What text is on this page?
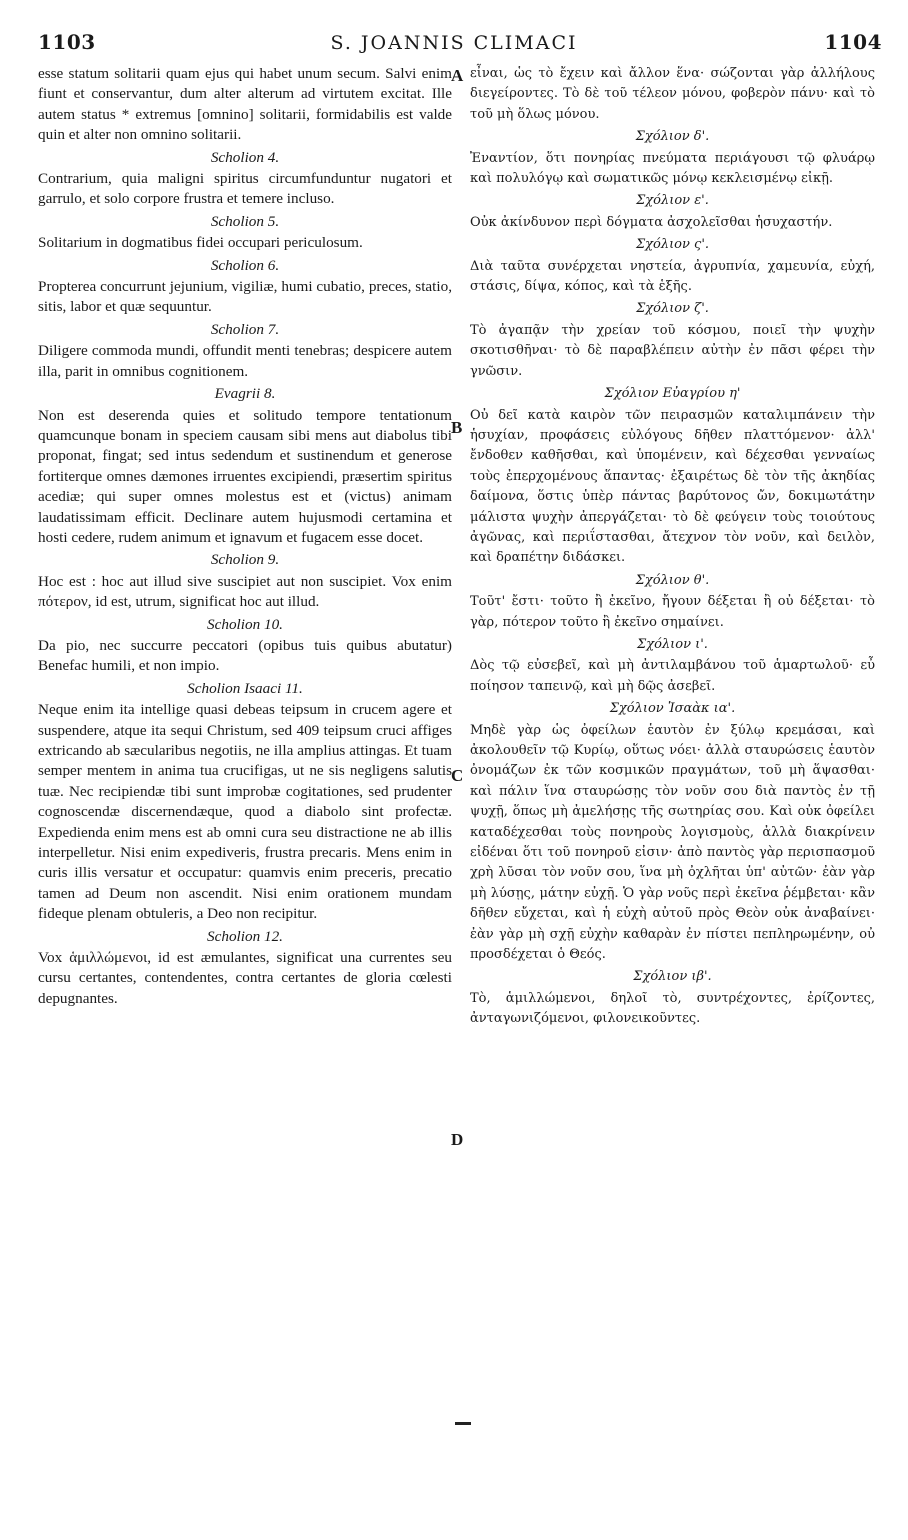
1103	S. JOANNIS CLIMACI	1104

esse statum solitarii quam ejus qui habet unum secum. Salvi enim fiunt et conservantur, dum alter alterum ad virtutem excitat. Ille autem status * extremus [omnino] solitarii, formidabilis est valde quin et alter non omnino solitarii.

Scholion 4.

Contrarium, quia maligni spiritus circumfunduntur nugatori et garrulo, et solo corpore frustra et temere incluso.

Scholion 5.

Solitarium in dogmatibus fidei occupari periculosum.

Scholion 6.

Propterea concurrunt jejunium, vigiliæ, humi cubatio, preces, statio, sitis, labor et quæ sequuntur.

Scholion 7.

Diligere commoda mundi, offundit menti tenebras; despicere autem illa, parit in omnibus cognitionem.

Evagrii 8.

Non est deserenda quies et solitudo tempore tentationum quamcunque bonam in speciem causam sibi mens aut diabolus tibi proponat, fingat; sed intus sedendum et sustinendum et generose fortiterque omnes dæmones irruentes excipiendi, præsertim spiritus acediæ; qui super omnes molestus est et (victus) animam laudatissimam efficit. Declinare autem hujusmodi certamina et hosti cedere, rudem animum et ignavum et fugacem esse docet.

Scholion 9.

Hoc est : hoc aut illud sive suscipiet aut non suscipiet. Vox enim πότερον, id est, utrum, significat hoc aut illud.

Scholion 10.

Da pio, nec succurre peccatori (opibus tuis quibus abutatur) Benefac humili, et non impio.

Scholion Isaaci 11.

Neque enim ita intellige quasi debeas teipsum in crucem agere et suspendere, atque ita sequi Christum, sed 409 teipsum cruci affiges extricando ab sæcularibus negotiis, ne illa amplius attingas. Et tuam semper mentem in anima tua crucifigas, ut ne sis negligens salutis tuæ. Nec recipiendæ tibi sunt improbæ cogitationes, sed prudenter cognoscendæ discernendæque, quod a diabolo sint profectæ. Expedienda enim mens est ab omni cura seu distractione ne ab illis interpelletur. Nisi enim expediveris, frustra precaris. Mens enim in curis illis versatur et occupatur: quamvis enim preceris, precatio tamen ad Deum non ascendit. Nisi enim orationem mundam fideque plenam obtuleris, a Deo non recipitur.

Scholion 12.

Vox ἁμιλλώμενοι, id est æmulantes, significat una currentes seu cursu certantes, contendentes, contra certantes de gloria cœlesti depugnantes.

εἶναι, ὡς τὸ ἔχειν καὶ ἄλλον ἕνα· σώζονται γὰρ ἀλλήλους διεγείροντες. Τὸ δὲ τοῦ τέλεον μόνου, φοβερὸν πάνυ· καὶ τὸ τοῦ μὴ ὅλως μόνου.

Σχόλιον δ'.

Ἐναντίον, ὅτι πονηρίας πνεύματα περιάγουσι τῷ φλυάρῳ καὶ πολυλόγῳ καὶ σωματικῶς μόνῳ κεκλεισμένῳ εἰκῇ.

Σχόλιον ε'.

Οὐκ ἀκίνδυνον περὶ δόγματα ἀσχολεῖσθαι ἡσυχαστήν.

Σχόλιον ς'.

Διὰ ταῦτα συνέρχεται νηστεία, ἀγρυπνία, χαμευνία, εὐχή, στάσις, δίψα, κόπος, καὶ τὰ ἑξῆς.

Σχόλιον ζ'.

Τὸ ἀγαπᾷν τὴν χρείαν τοῦ κόσμου, ποιεῖ τὴν ψυχὴν σκοτισθῆναι· τὸ δὲ παραβλέπειν αὐτὴν ἐν πᾶσι φέρει τὴν γνῶσιν.

Σχόλιον Εὐαγρίου η'

Οὐ δεῖ κατὰ καιρὸν τῶν πειρασμῶν καταλιμπάνειν τὴν ἡσυχίαν, προφάσεις εὐλόγους δῆθεν πλαττόμενον· ἀλλ' ἔνδοθεν καθῆσθαι, καὶ ὑπομένειν, καὶ δέχεσθαι γενναίως τοὺς ἐπερχομένους ἅπαντας· ἐξαιρέτως δὲ τὸν τῆς ἀκηδίας δαίμονα, ὅστις ὑπὲρ πάντας βαρύτονος ὤν, δοκιμωτάτην μάλιστα ψυχὴν ἀπεργάζεται· τὸ δὲ φεύγειν τοὺς τοιούτους ἀγῶνας, καὶ περιΐστασθαι, ἄτεχνον τὸν νοῦν, καὶ δειλὸν, καὶ δραπέτην διδάσκει.

Σχόλιον θ'.

Τοῦτ' ἔστι· τοῦτο ἢ ἐκεῖνο, ἤγουν δέξεται ἢ οὐ δέξεται· τὸ γὰρ, πότερον τοῦτο ἢ ἐκεῖνο σημαίνει.

Σχόλιον ι'.

Δὸς τῷ εὐσεβεῖ, καὶ μὴ ἀντιλαμβάνου τοῦ ἁμαρτωλοῦ· εὖ ποίησον ταπεινῷ, καὶ μὴ δῷς ἀσεβεῖ.

Σχόλιον Ἰσαὰκ ια'.

Μηδὲ γὰρ ὡς ὀφείλων ἑαυτὸν ἐν ξύλῳ κρεμάσαι, καὶ ἀκολουθεῖν τῷ Κυρίῳ, οὕτως νόει· ἀλλὰ σταυρώσεις ἑαυτὸν ὀνομάζων ἐκ τῶν κοσμικῶν πραγμάτων, τοῦ μὴ ἅψασθαι· καὶ πάλιν ἵνα σταυρώσῃς τὸν νοῦν σου διὰ παντὸς ἐν τῇ ψυχῇ, ὅπως μὴ ἀμελήσῃς τῆς σωτηρίας σου. Καὶ οὐκ ὀφείλει καταδέχεσθαι τοὺς πονηροὺς λογισμοὺς, ἀλλὰ διακρίνειν εἰδέναι ὅτι τοῦ πονηροῦ εἰσιν· ἀπὸ παντὸς γὰρ περισπασμοῦ χρὴ λῦσαι τὸν νοῦν σου, ἵνα μὴ ὀχλῆται ὑπ' αὐτῶν· ἐὰν γὰρ μὴ λύσῃς, μάτην εὐχῇ. Ὁ γὰρ νοῦς περὶ ἐκεῖνα ῥέμβεται· κἂν δῆθεν εὔχεται, καὶ ἡ εὐχὴ αὐτοῦ πρὸς Θεὸν οὐκ ἀναβαίνει· ἐὰν γὰρ μὴ σχῇ εὐχὴν καθαρὰν ἐν πίστει πεπληρωμένην, οὐ προσδέχεται ὁ Θεός.

Σχόλιον ιβ'.

Τὸ, ἁμιλλώμενοι, δηλοῖ τὸ, συντρέχοντες, ἐρίζοντες, ἀνταγωνιζόμενοι, φιλονεικοῦντες.

A
B
C
D
